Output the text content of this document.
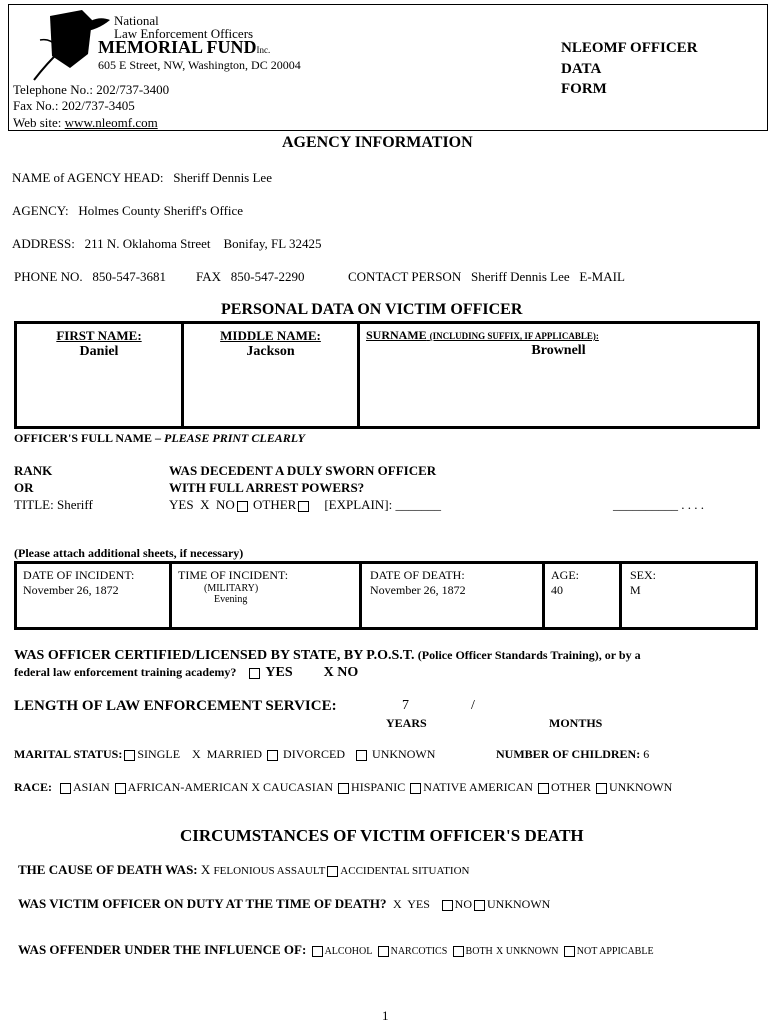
National
Law Enforcement Officers
MEMORIAL FUNDInc.
605 E Street, NW, Washington, DC 20004
Telephone No.: 202/737-3400
Fax No.: 202/737-3405
Web site: www.nleomf.com
NLEOMF OFFICER
DATA
FORM
AGENCY INFORMATION
NAME of AGENCY HEAD: Sheriff Dennis Lee
AGENCY: Holmes County Sheriff's Office
ADDRESS: 211 N. Oklahoma Street    Bonifay, FL 32425
PHONE NO. 850-547-3681 FAX 850-547-2290	CONTACT PERSON Sheriff Dennis Lee E-MAIL
PERSONAL DATA ON VICTIM OFFICER
FIRST NAME:
Daniel
MIDDLE NAME:
Jackson
SURNAME (INCLUDING SUFFIX, IF APPLICABLE):
Brownell
OFFICER'S FULL NAME – PLEASE PRINT CLEARLY
RANK
OR
TITLE: Sheriff
WAS DECEDENT A DULY SWORN OFFICER
WITH FULL ARREST POWERS?
YES X NO OTHER [EXPLAIN]: _______	__________ . . . .
(Please attach additional sheets, if necessary)
DATE OF INCIDENT:
November 26, 1872
TIME OF INCIDENT:
(MILITARY)
Evening
DATE OF DEATH:
November 26, 1872
AGE:
40
SEX:
M
WAS OFFICER CERTIFIED/LICENSED BY STATE, BY P.O.S.T. (Police Officer Standards Training), or by a
federal law enforcement training academy? YES X NO
LENGTH OF LAW ENFORCEMENT SERVICE:	7	/
YEARS	MONTHS
MARITAL STATUS: SINGLE X  MARRIED DIVORCED UNKNOWN	NUMBER OF CHILDREN: 6
RACE: ASIAN AFRICAN-AMERICAN X CAUCASIAN HISPANIC NATIVE AMERICAN OTHER UNKNOWN
CIRCUMSTANCES OF VICTIM OFFICER'S DEATH
THE CAUSE OF DEATH WAS: X FELONIOUS ASSAULT ACCIDENTAL SITUATION
WAS VICTIM OFFICER ON DUTY AT THE TIME OF DEATH? X  YES NO UNKNOWN
WAS OFFENDER UNDER THE INFLUENCE OF: ALCOHOL NARCOTICS BOTH X UNKNOWN NOT APPICABLE
1
